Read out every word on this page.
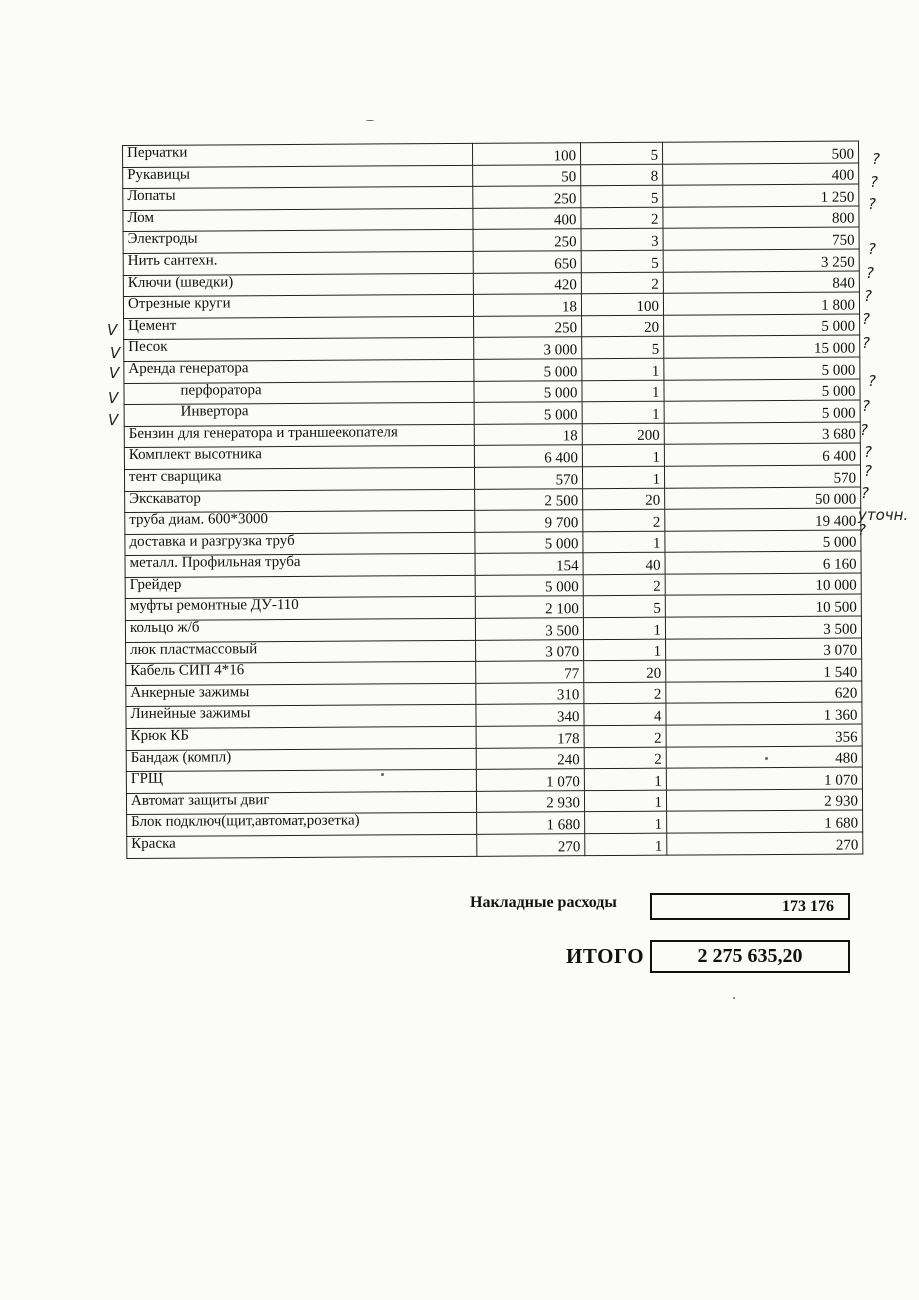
Перчатки	100	5	500
Рукавицы	50	8	400
Лопаты	250	5	1 250
Лом	400	2	800
Электроды	250	3	750
Нить сантехн.	650	5	3 250
Ключи (шведки)	420	2	840
Отрезные круги	18	100	1 800
Цемент	250	20	5 000
Песок	3 000	5	15 000
Аренда генератора	5 000	1	5 000
перфоратора	5 000	1	5 000
Инвертора	5 000	1	5 000
Бензин для генератора и траншеекопателя	18	200	3 680
Комплект высотника	6 400	1	6 400
тент сварщика	570	1	570
Экскаватор	2 500	20	50 000
труба диам. 600*3000	9 700	2	19 400
доставка и разгрузка труб	5 000	1	5 000
металл. Профильная труба	154	40	6 160
Грейдер	5 000	2	10 000
муфты ремонтные ДУ-110	2 100	5	10 500
кольцо ж/б	3 500	1	3 500
люк пластмассовый	3 070	1	3 070
Кабель СИП 4*16	77	20	1 540
Анкерные зажимы	310	2	620
Линейные зажимы	340	4	1 360
Крюк КБ	178	2	356
Бандаж (компл)	240	2	480
ГРЩ	1 070	1	1 070
Автомат защиты двиг	2 930	1	2 930
Блок подключ(щит,автомат,розетка)	1 680	1	1 680
Краска	270	1	270
Накладные расходы	173 176
ИТОГО	2 275 635,20
V
V
V
V
V
?
?
?
?
?
?
?
?
?
?
?
?
?
?
уточн. ?
